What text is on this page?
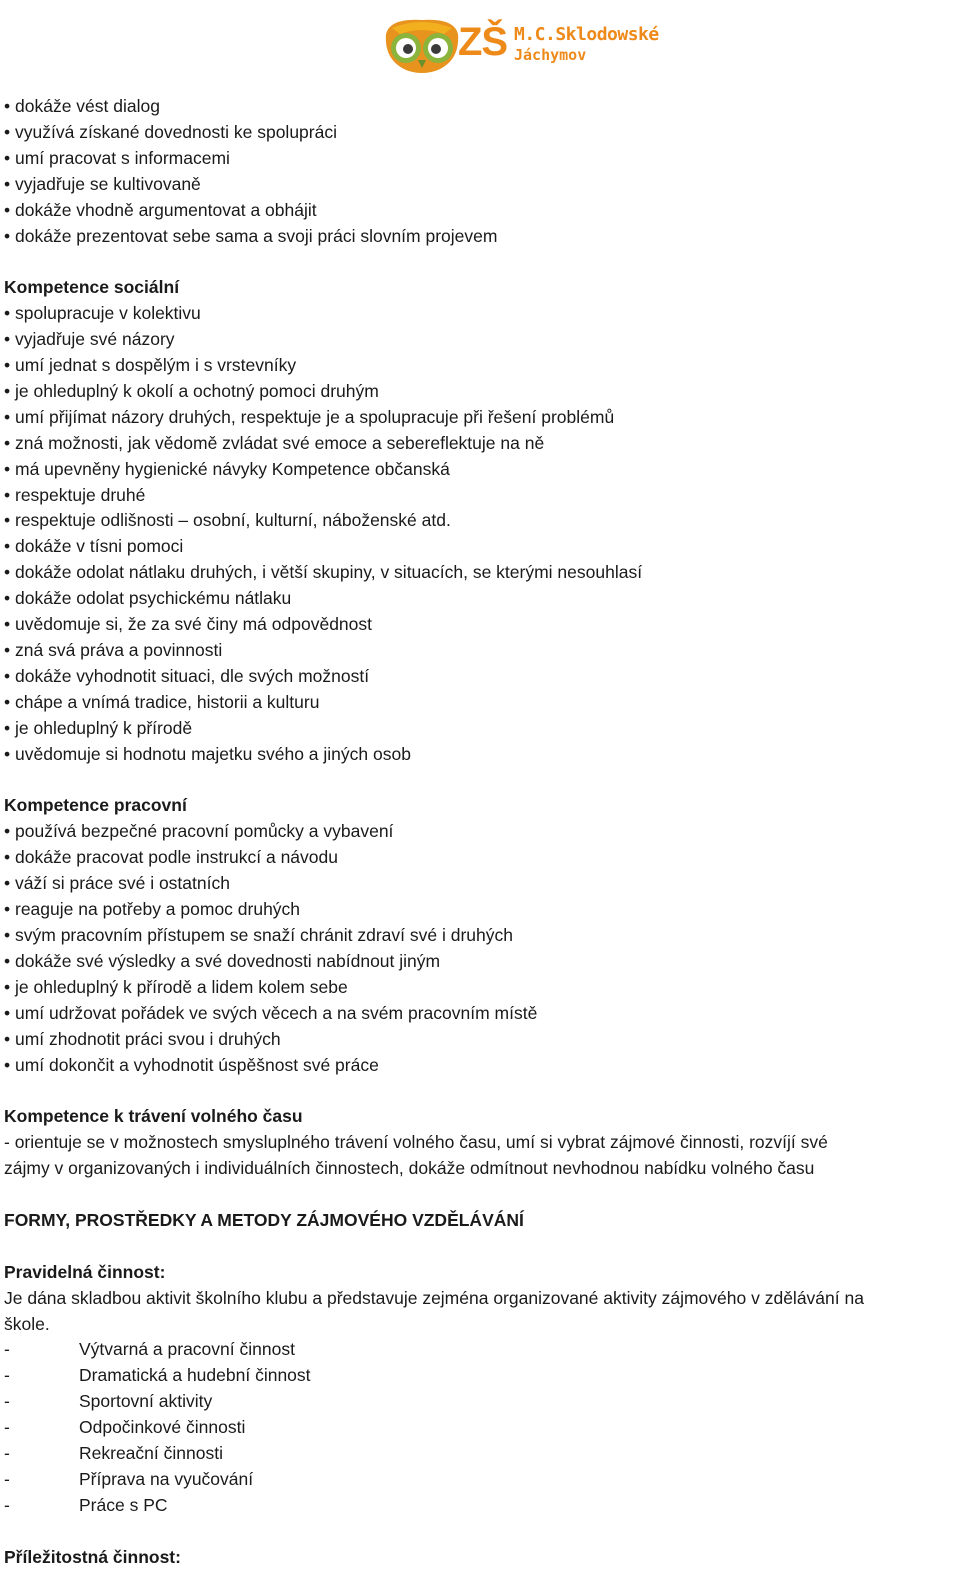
ZŠ M.C.Sklodowské
Jáchymov
• dokáže vést dialog
• využívá získané dovednosti ke spolupráci
• umí pracovat s informacemi
• vyjadřuje se kultivovaně
• dokáže vhodně argumentovat a obhájit
• dokáže prezentovat sebe sama a svoji práci slovním projevem
Kompetence sociální
• spolupracuje v kolektivu
• vyjadřuje své názory
• umí jednat s dospělým i s vrstevníky
• je ohleduplný k okolí a ochotný pomoci druhým
• umí přijímat názory druhých, respektuje je a spolupracuje při řešení problémů
• zná možnosti, jak vědomě zvládat své emoce a sebereflektuje na ně
• má upevněny hygienické návyky Kompetence občanská
• respektuje druhé
• respektuje odlišnosti – osobní, kulturní, náboženské atd.
• dokáže v tísni pomoci
• dokáže odolat nátlaku druhých, i větší skupiny, v situacích, se kterými nesouhlasí
• dokáže odolat psychickému nátlaku
• uvědomuje si, že za své činy má odpovědnost
• zná svá práva a povinnosti
• dokáže vyhodnotit situaci, dle svých možností
• chápe a vnímá tradice, historii a kulturu
• je ohleduplný k přírodě
• uvědomuje si hodnotu majetku svého a jiných osob
Kompetence pracovní
• používá bezpečné pracovní pomůcky a vybavení
• dokáže pracovat podle instrukcí a návodu
• váží si práce své i ostatních
• reaguje na potřeby a pomoc druhých
• svým pracovním přístupem se snaží chránit zdraví své i druhých
• dokáže své výsledky a své dovednosti nabídnout jiným
• je ohleduplný k přírodě a lidem kolem sebe
• umí udržovat pořádek ve svých věcech a na svém pracovním místě
• umí zhodnotit práci svou i druhých
• umí dokončit a vyhodnotit úspěšnost své práce
Kompetence k trávení volného času
- orientuje se v možnostech smysluplného trávení volného času, umí si vybrat zájmové činnosti, rozvíjí své
zájmy v organizovaných i individuálních činnostech, dokáže odmítnout nevhodnou nabídku volného času
FORMY, PROSTŘEDKY A METODY ZÁJMOVÉHO VZDĚLÁVÁNÍ
Pravidelná činnost:
Je dána skladbou aktivit školního klubu a představuje zejména organizované aktivity zájmového v zdělávání na
škole.
-	Výtvarná a pracovní činnost
-	Dramatická a hudební činnost
-	Sportovní aktivity
-	Odpočinkové činnosti
-	Rekreační činnosti
-	Příprava na vyučování
-	Práce s PC
Příležitostná činnost:
